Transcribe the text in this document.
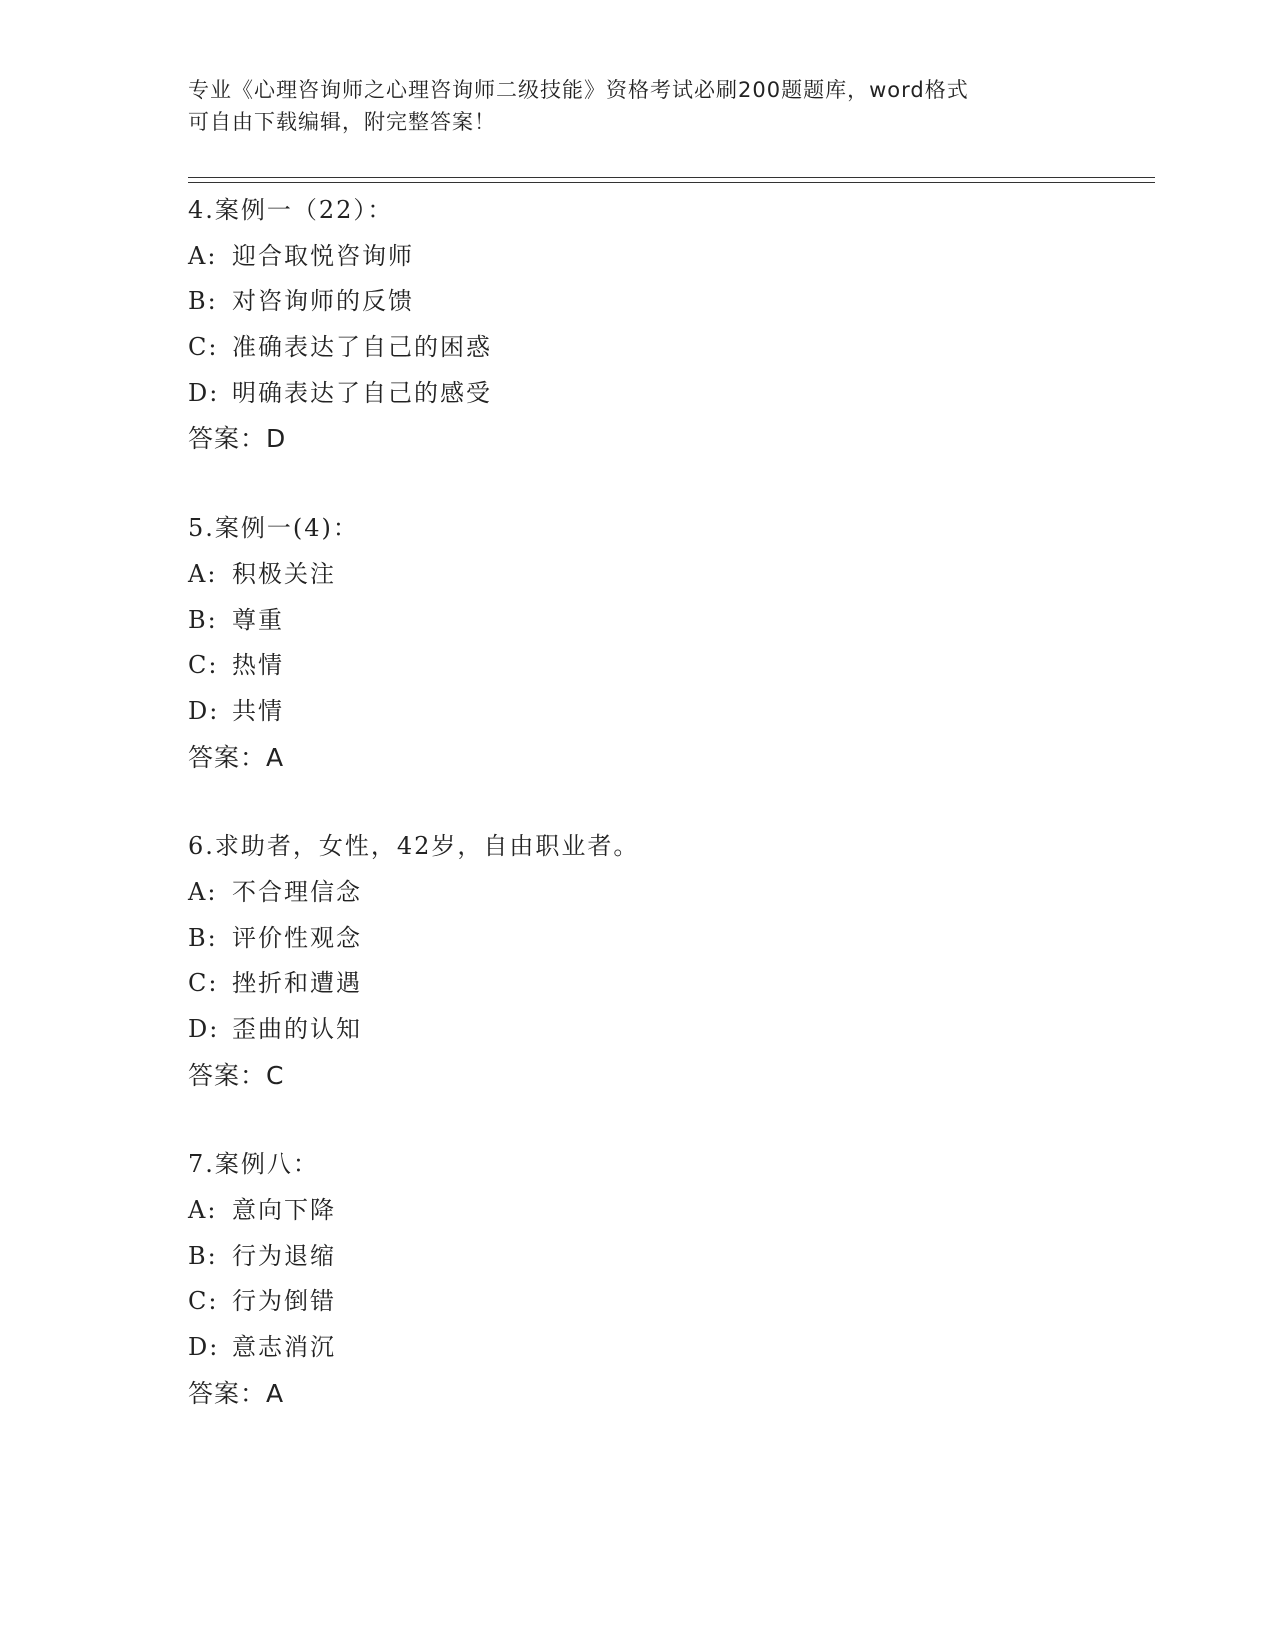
专业《心理咨询师之心理咨询师二级技能》资格考试必刷200题题库，word格式
可自由下载编辑，附完整答案！
4.案例一（22）：
A: 迎合取悦咨询师
B: 对咨询师的反馈
C: 准确表达了自己的困惑
D: 明确表达了自己的感受
答案：D
5.案例一(4)：
A: 积极关注
B: 尊重
C: 热情
D: 共情
答案：A
6.求助者，女性，42岁，自由职业者。
A: 不合理信念
B: 评价性观念
C: 挫折和遭遇
D: 歪曲的认知
答案：C
7.案例八：
A: 意向下降
B: 行为退缩
C: 行为倒错
D: 意志消沉
答案：A
